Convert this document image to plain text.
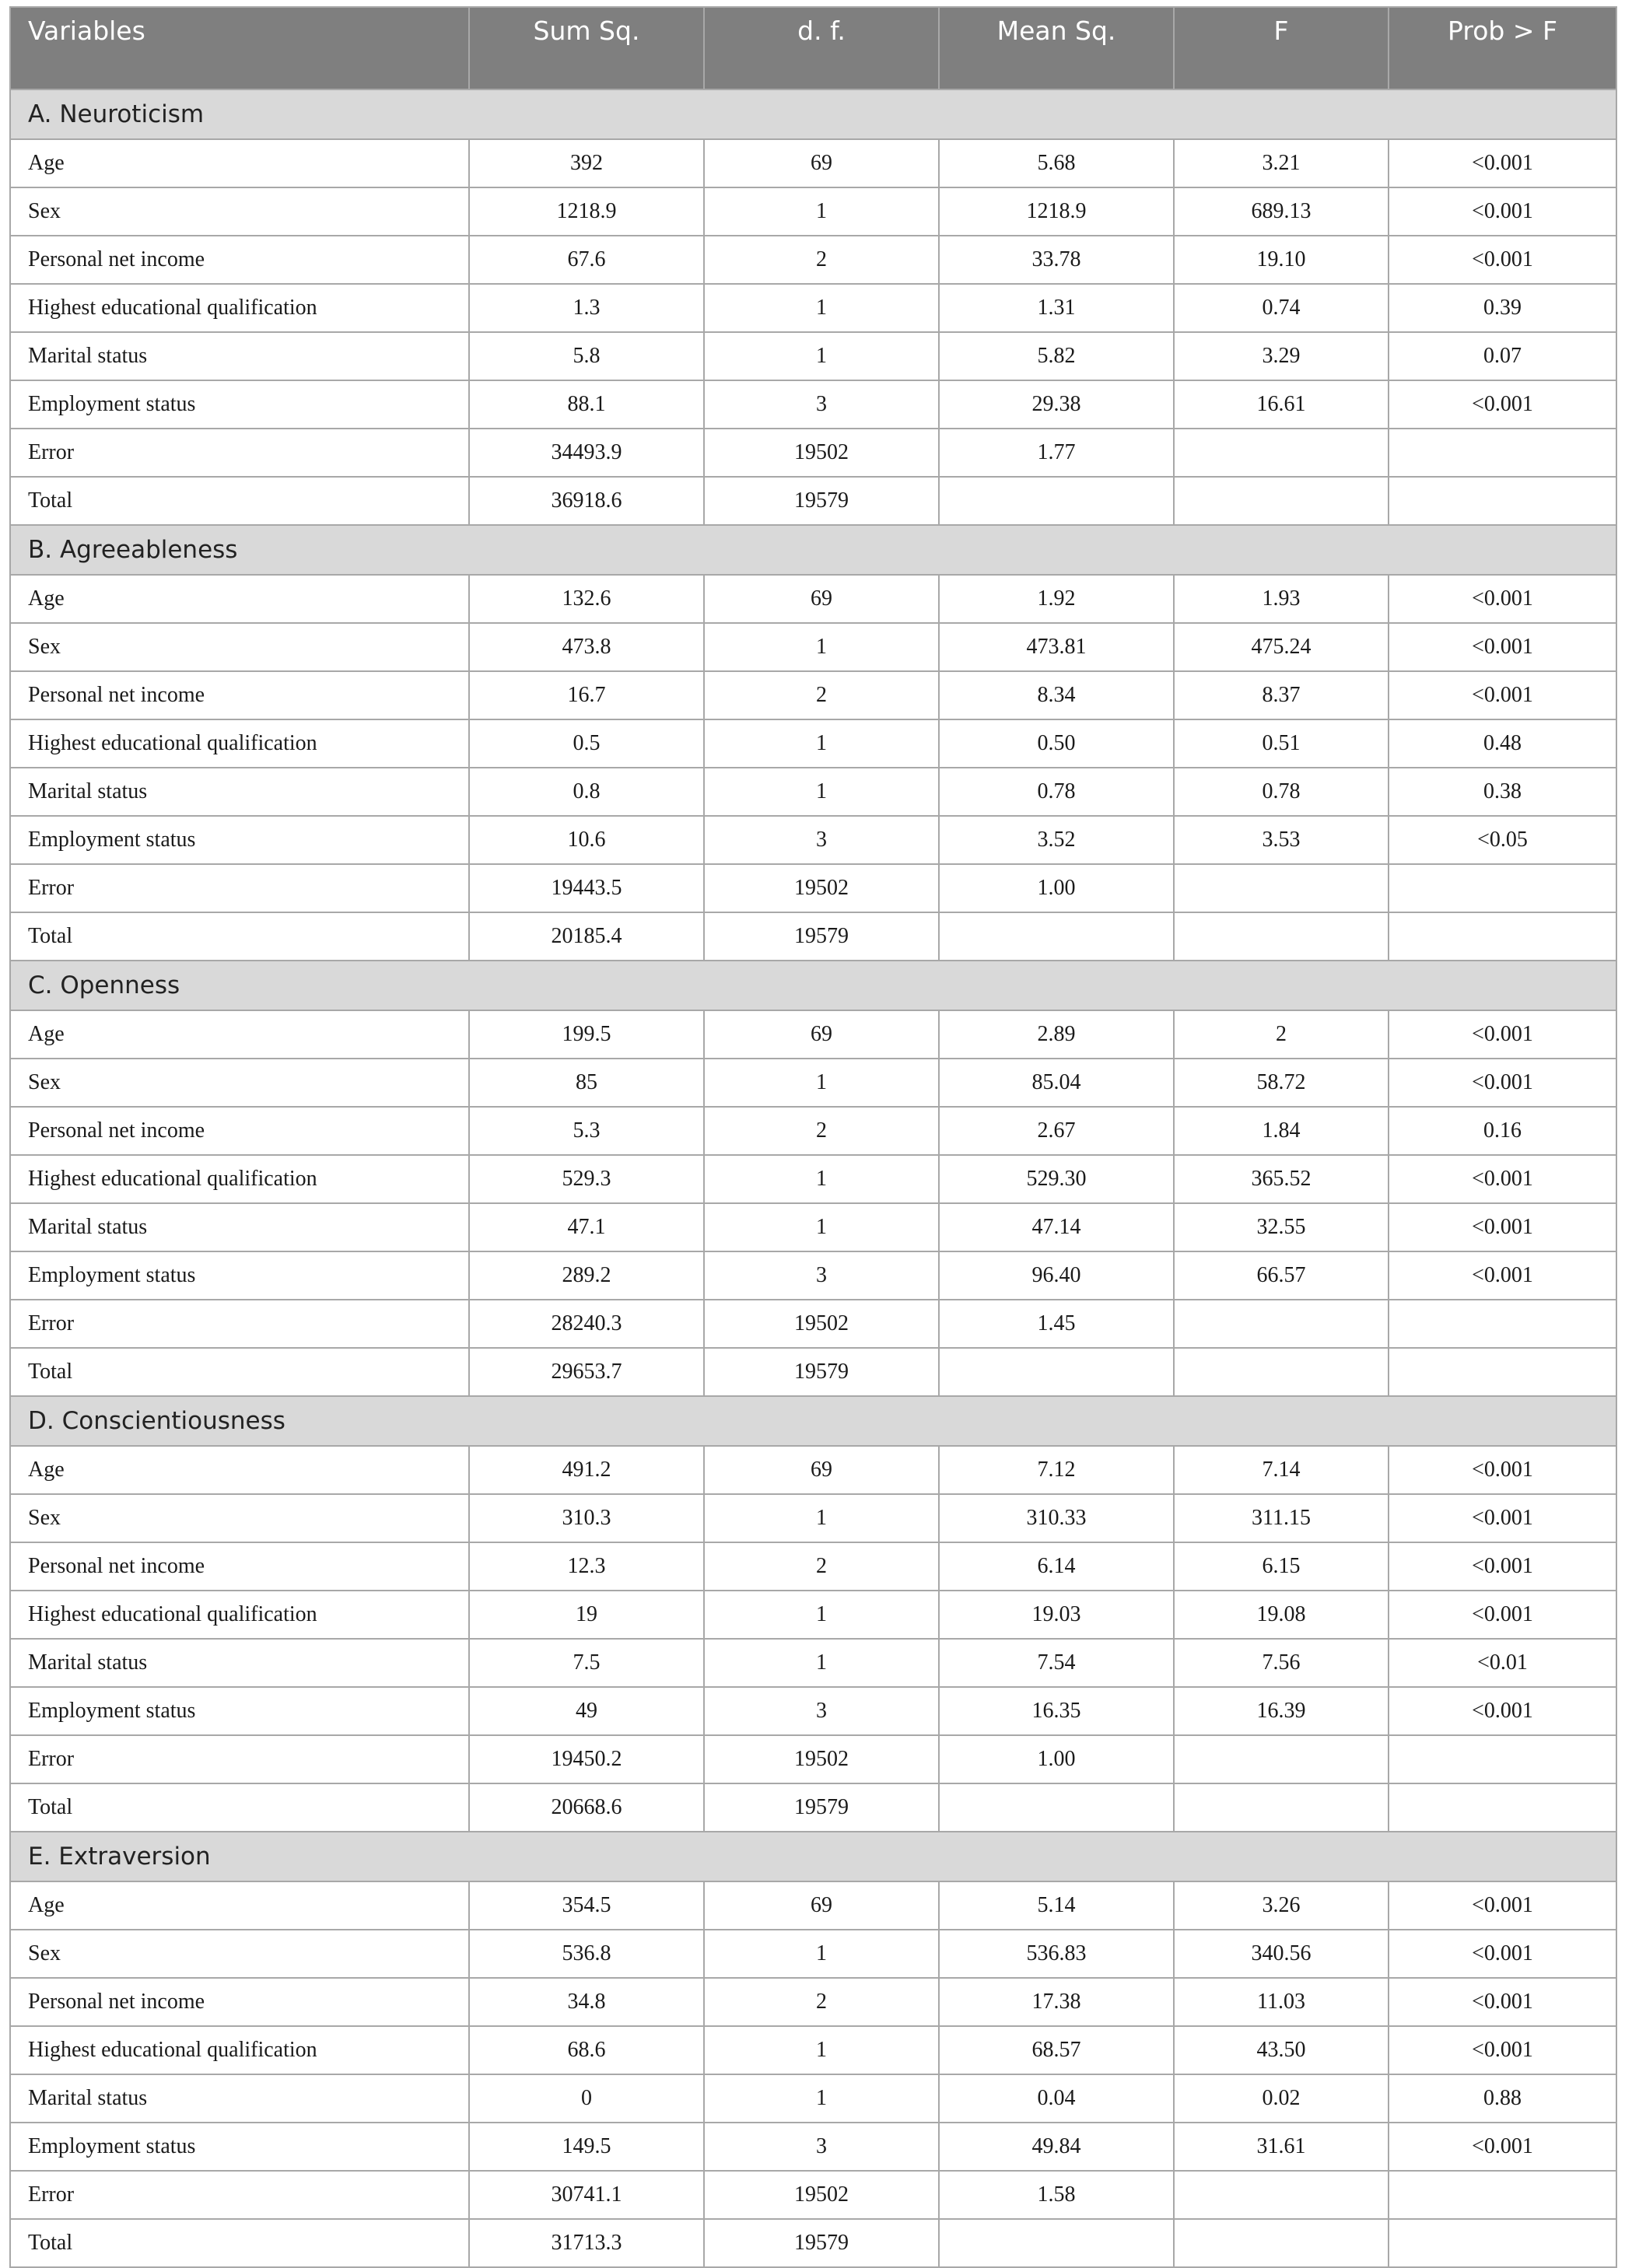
Variables	Sum Sq.	d. f.	Mean Sq.	F	Prob > F
A. Neuroticism					
Age	392	69	5.68	3.21	<0.001
Sex	1218.9	1	1218.9	689.13	<0.001
Personal net income	67.6	2	33.78	19.10	<0.001
Highest educational qualification	1.3	1	1.31	0.74	0.39
Marital status	5.8	1	5.82	3.29	0.07
Employment status	88.1	3	29.38	16.61	<0.001
Error	34493.9	19502	1.77		
Total	36918.6	19579			
B. Agreeableness					
Age	132.6	69	1.92	1.93	<0.001
Sex	473.8	1	473.81	475.24	<0.001
Personal net income	16.7	2	8.34	8.37	<0.001
Highest educational qualification	0.5	1	0.50	0.51	0.48
Marital status	0.8	1	0.78	0.78	0.38
Employment status	10.6	3	3.52	3.53	<0.05
Error	19443.5	19502	1.00		
Total	20185.4	19579			
C. Openness					
Age	199.5	69	2.89	2	<0.001
Sex	85	1	85.04	58.72	<0.001
Personal net income	5.3	2	2.67	1.84	0.16
Highest educational qualification	529.3	1	529.30	365.52	<0.001
Marital status	47.1	1	47.14	32.55	<0.001
Employment status	289.2	3	96.40	66.57	<0.001
Error	28240.3	19502	1.45		
Total	29653.7	19579			
D. Conscientiousness					
Age	491.2	69	7.12	7.14	<0.001
Sex	310.3	1	310.33	311.15	<0.001
Personal net income	12.3	2	6.14	6.15	<0.001
Highest educational qualification	19	1	19.03	19.08	<0.001
Marital status	7.5	1	7.54	7.56	<0.01
Employment status	49	3	16.35	16.39	<0.001
Error	19450.2	19502	1.00		
Total	20668.6	19579			
E. Extraversion					
Age	354.5	69	5.14	3.26	<0.001
Sex	536.8	1	536.83	340.56	<0.001
Personal net income	34.8	2	17.38	11.03	<0.001
Highest educational qualification	68.6	1	68.57	43.50	<0.001
Marital status	0	1	0.04	0.02	0.88
Employment status	149.5	3	49.84	31.61	<0.001
Error	30741.1	19502	1.58		
Total	31713.3	19579			
